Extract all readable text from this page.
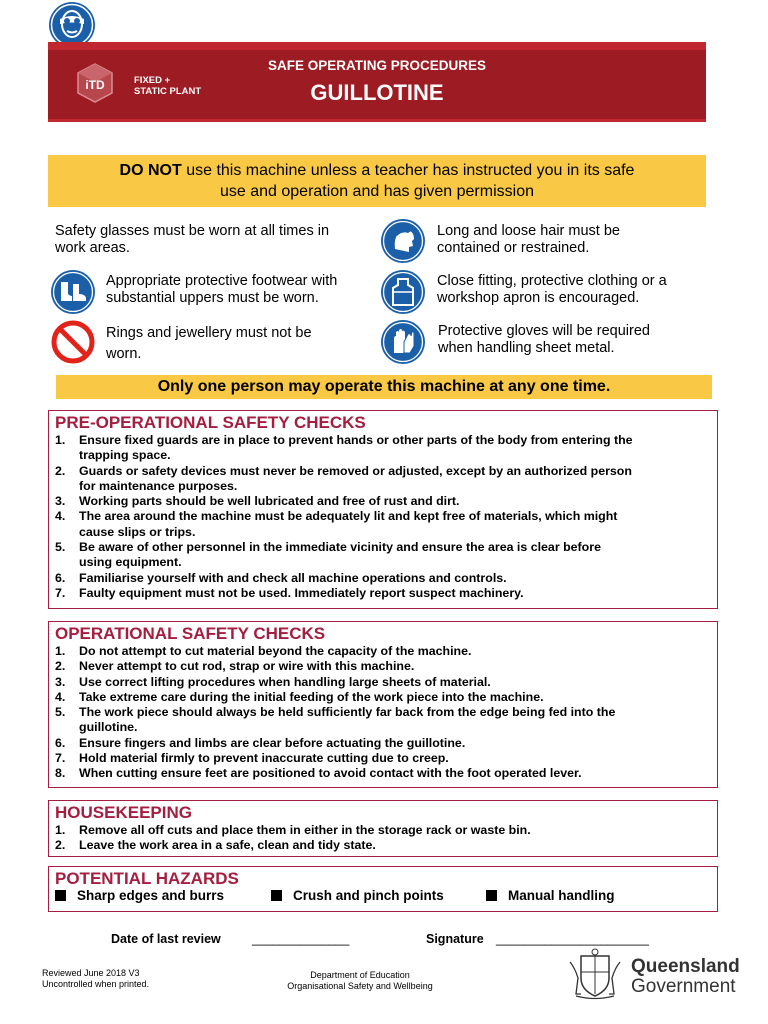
iTD	FIXED +
STATIC PLANT
SAFE OPERATING PROCEDURES
GUILLOTINE
DO NOT use this machine unless a teacher has instructed you in its safe
use and operation and has given permission
Safety glasses must be worn at all times in
work areas.
Long and loose hair must be
contained or restrained.
Appropriate protective footwear with
substantial uppers must be worn.
Close fitting, protective clothing or a
workshop apron is encouraged.
Rings and jewellery must not be
worn.
Protective gloves will be required
when handling sheet metal.
Only one person may operate this machine at any one time.
PRE-OPERATIONAL SAFETY CHECKS
1. Ensure fixed guards are in place to prevent hands or other parts of the body from entering the
trapping space.
2. Guards or safety devices must never be removed or adjusted, except by an authorized person
for maintenance purposes.
3. Working parts should be well lubricated and free of rust and dirt.
4. The area around the machine must be adequately lit and kept free of materials, which might
cause slips or trips.
5. Be aware of other personnel in the immediate vicinity and ensure the area is clear before
using equipment.
6. Familiarise yourself with and check all machine operations and controls.
7. Faulty equipment must not be used. Immediately report suspect machinery.
OPERATIONAL SAFETY CHECKS
1. Do not attempt to cut material beyond the capacity of the machine.
2. Never attempt to cut rod, strap or wire with this machine.
3. Use correct lifting procedures when handling large sheets of material.
4. Take extreme care during the initial feeding of the work piece into the machine.
5. The work piece should always be held sufficiently far back from the edge being fed into the
guillotine.
6. Ensure fingers and limbs are clear before actuating the guillotine.
7. Hold material firmly to prevent inaccurate cutting due to creep.
8. When cutting ensure feet are positioned to avoid contact with the foot operated lever.
HOUSEKEEPING
1. Remove all off cuts and place them in either in the storage rack or waste bin.
2. Leave the work area in a safe, clean and tidy state.
POTENTIAL HAZARDS
Sharp edges and burrs	Crush and pinch points	Manual handling
Date of last review ______________	Signature ______________________
Reviewed June 2018 V3
Uncontrolled when printed.
Department of Education
Organisational Safety and Wellbeing
Queensland
Government
